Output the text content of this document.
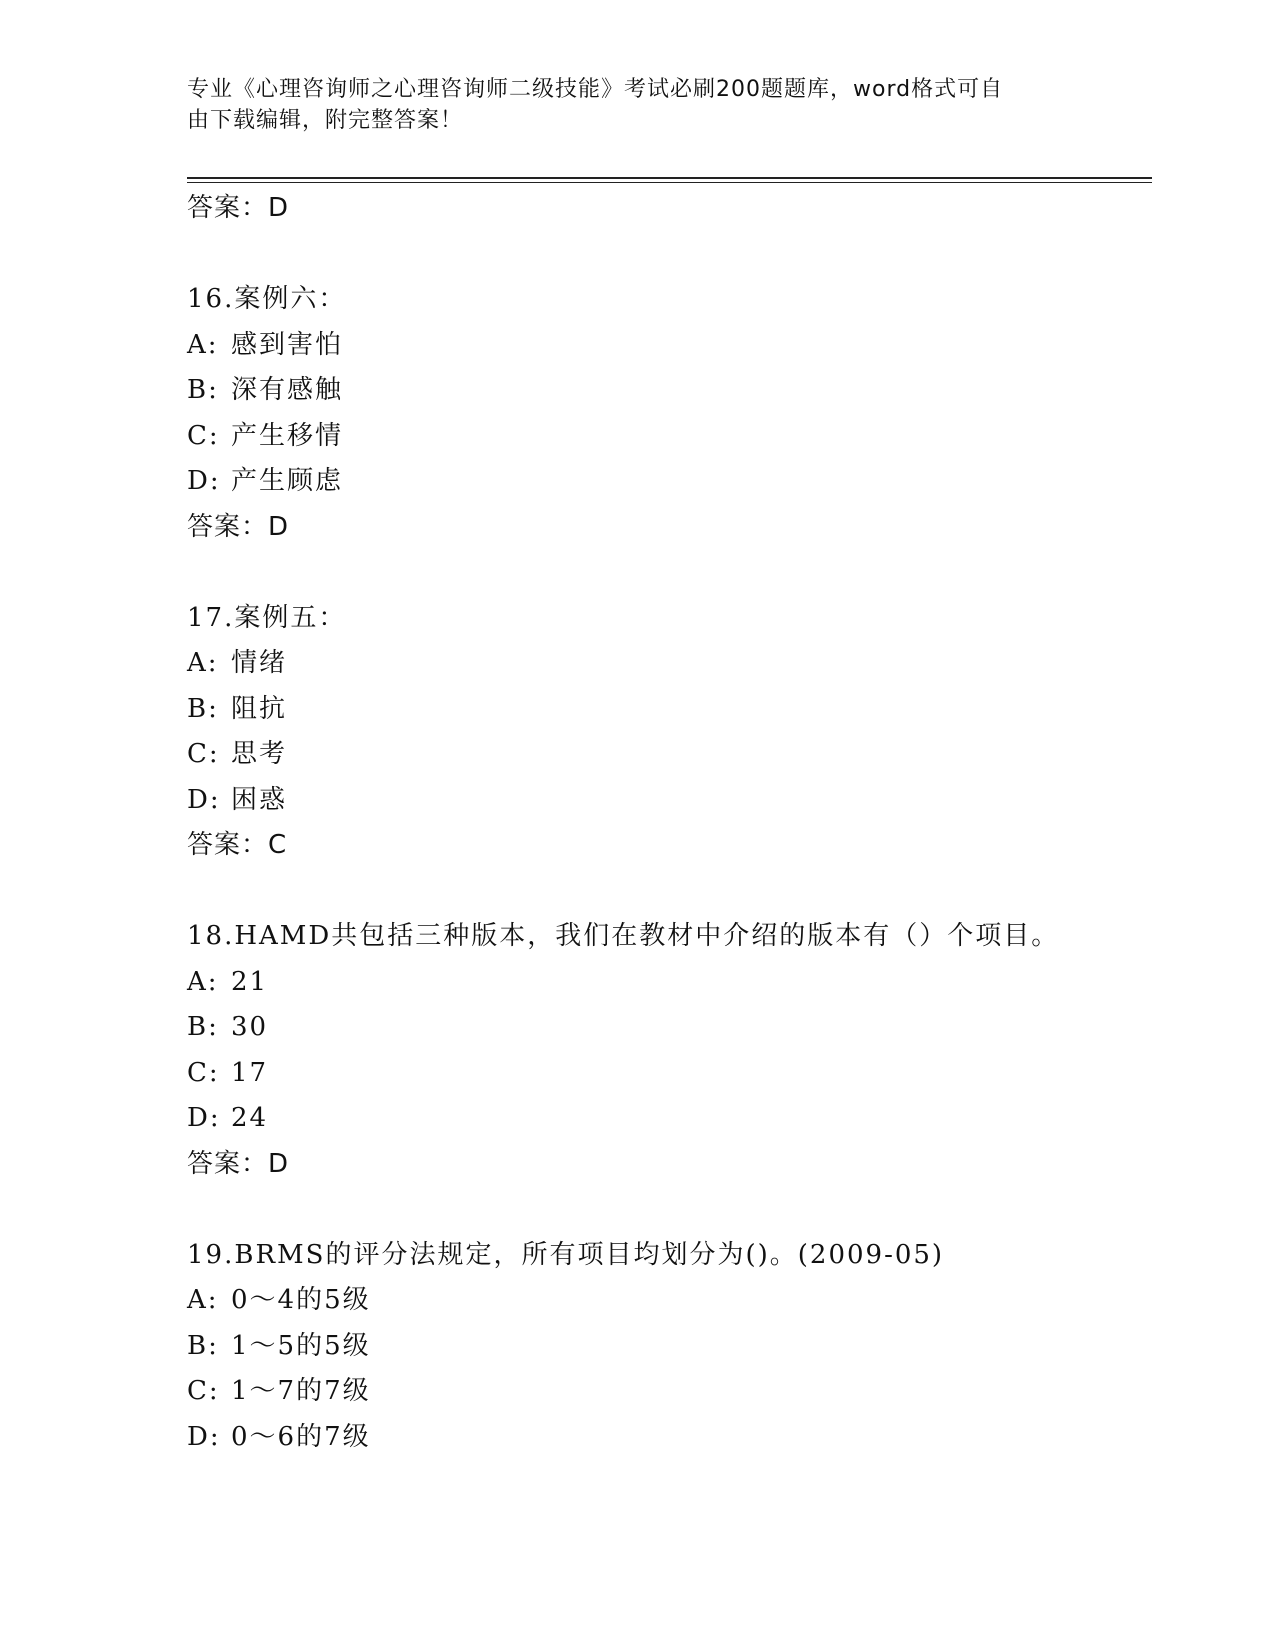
专业《心理咨询师之心理咨询师二级技能》考试必刷200题题库，word格式可自
由下载编辑，附完整答案！
答案：D
16.案例六：
A: 感到害怕
B: 深有感触
C: 产生移情
D: 产生顾虑
答案：D
17.案例五：
A: 情绪
B: 阻抗
C: 思考
D: 困惑
答案：C
18.HAMD共包括三种版本，我们在教材中介绍的版本有（）个项目。
A: 21
B: 30
C: 17
D: 24
答案：D
19.BRMS的评分法规定，所有项目均划分为()。(2009-05)
A: 0～4的5级
B: 1～5的5级
C: 1～7的7级
D: 0～6的7级
